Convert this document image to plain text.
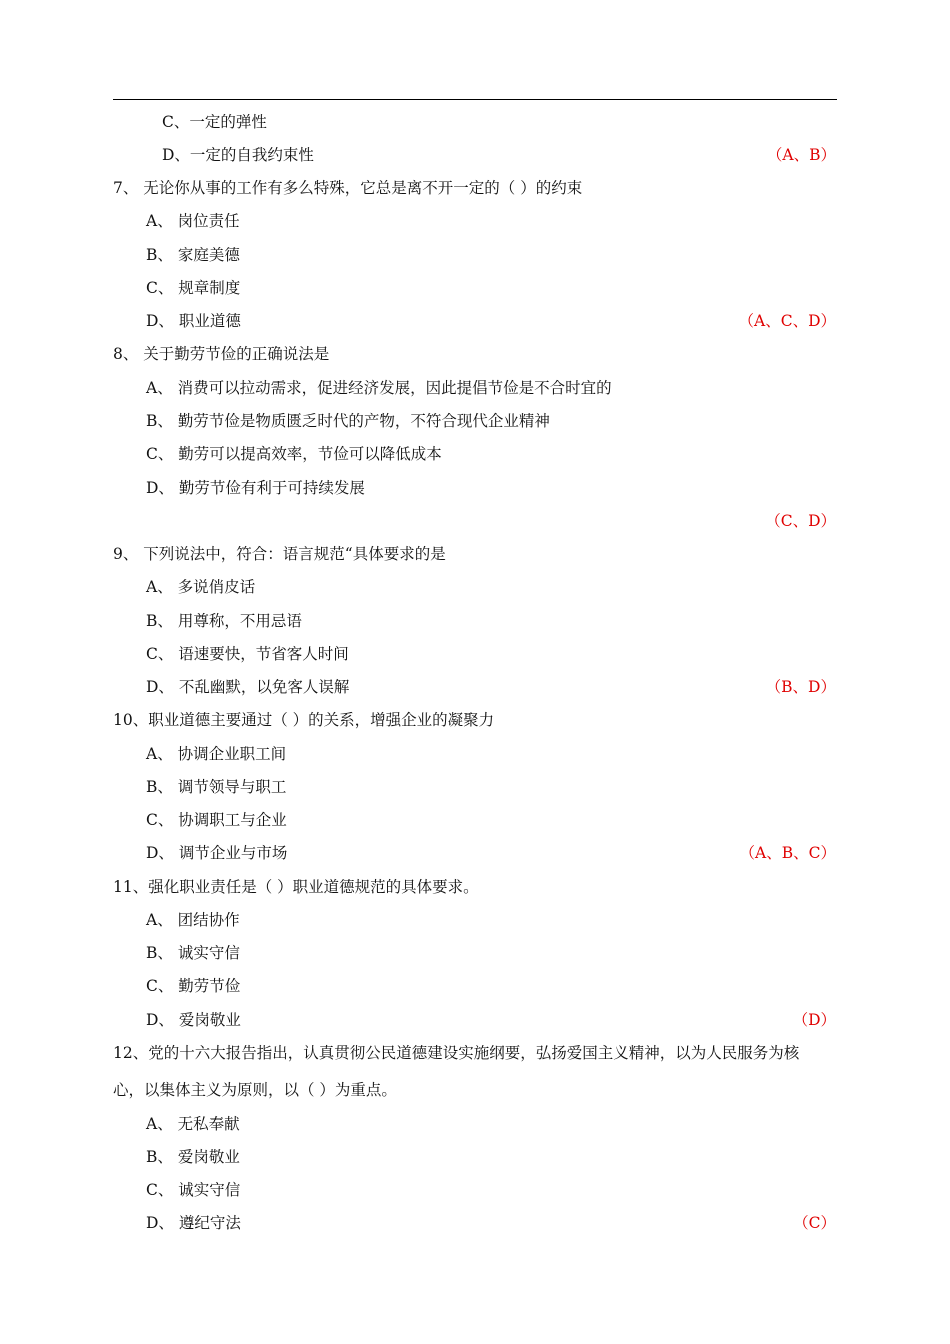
C、一定的弹性
D、一定的自我约束性	（A、B）
7、 无论你从事的工作有多么特殊，它总是离不开一定的（ ）的约束
A、 岗位责任
B、 家庭美德
C、 规章制度
D、 职业道德	（A、C、D）
8、 关于勤劳节俭的正确说法是
A、 消费可以拉动需求，促进经济发展，因此提倡节俭是不合时宜的
B、 勤劳节俭是物质匮乏时代的产物，不符合现代企业精神
C、 勤劳可以提高效率，节俭可以降低成本
D、 勤劳节俭有利于可持续发展
（C、D）
9、 下列说法中，符合：语言规范“具体要求的是
A、 多说俏皮话
B、 用尊称，不用忌语
C、 语速要快，节省客人时间
D、 不乱幽默，以免客人误解	（B、D）
10、职业道德主要通过（ ）的关系，增强企业的凝聚力
A、 协调企业职工间
B、 调节领导与职工
C、 协调职工与企业
D、 调节企业与市场	（A、B、C）
11、强化职业责任是（ ）职业道德规范的具体要求。
A、 团结协作
B、 诚实守信
C、 勤劳节俭
D、 爱岗敬业	（D）
12、党的十六大报告指出，认真贯彻公民道德建设实施纲要，弘扬爱国主义精神，以为人民服务为核
心，以集体主义为原则，以（ ）为重点。
A、 无私奉献
B、 爱岗敬业
C、 诚实守信
D、 遵纪守法	（C）
